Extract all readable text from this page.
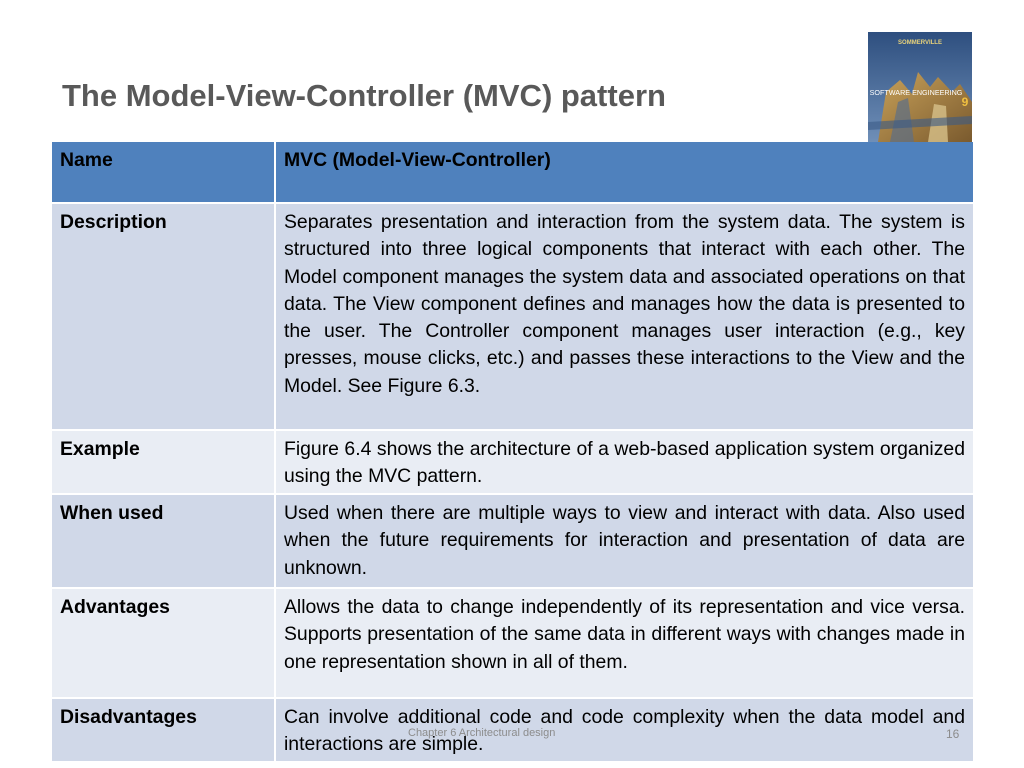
The Model-View-Controller (MVC) pattern
SOMMERVILLE
SOFTWARE ENGINEERING
9
Name	MVC (Model-View-Controller)
Description	Separates presentation and interaction from the system data. The system is structured into three logical components that interact with each other. The Model component manages the system data and associated operations on that data. The View component defines and manages how the data is presented to the user. The Controller component manages user interaction (e.g., key presses, mouse clicks, etc.) and passes these interactions to the View and the Model. See Figure 6.3.
Example	Figure 6.4 shows the architecture of a web-based application system organized using the MVC pattern.
When used	Used when there are multiple ways to view and interact with data. Also used when the future requirements for interaction and presentation of data are unknown.
Advantages	Allows the data to change independently of its representation and vice versa. Supports presentation of the same data in different ways with changes made in one representation shown in all of them.
Disadvantages	Can involve additional code and code complexity when the data model and interactions are simple.
Chapter 6 Architectural design	16
